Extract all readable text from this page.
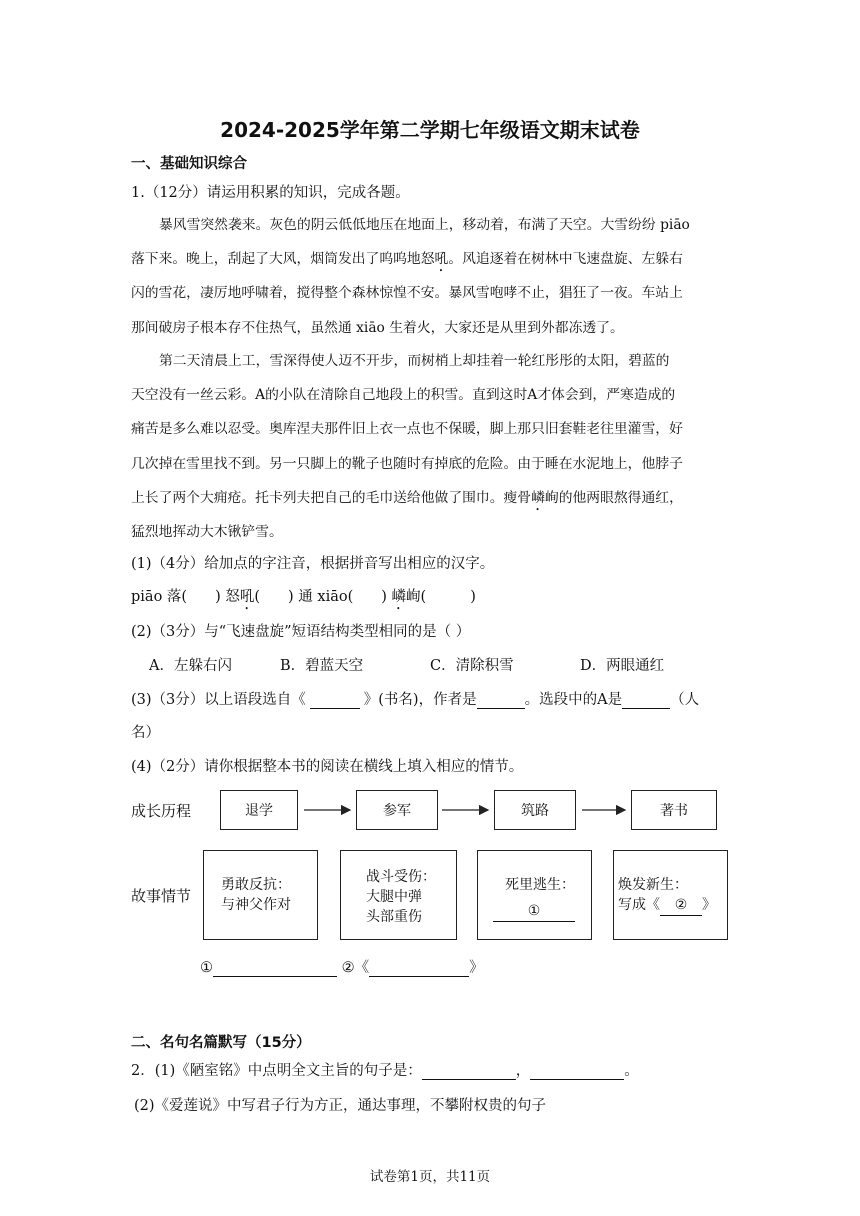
2024-2025学年第二学期七年级语文期末试卷
一、基础知识综合
1.（12分）请运用积累的知识，完成各题。
暴风雪突然袭来。灰色的阴云低低地压在地面上，移动着，布满了天空。大雪纷纷 piāo
落下来。晚上，刮起了大风，烟筒发出了呜呜地怒吼。风追逐着在树林中飞速盘旋、左躲右
闪的雪花，凄厉地呼啸着，搅得整个森林惊惶不安。暴风雪咆哮不止，猖狂了一夜。车站上
那间破房子根本存不住热气，虽然通 xiāo 生着火，大家还是从里到外都冻透了。
第二天清晨上工，雪深得使人迈不开步，而树梢上却挂着一轮红彤彤的太阳，碧蓝的
天空没有一丝云彩。A的小队在清除自己地段上的积雪。直到这时A才体会到，严寒造成的
痛苦是多么难以忍受。奥库涅夫那件旧上衣一点也不保暖，脚上那只旧套鞋老往里灌雪，好
几次掉在雪里找不到。另一只脚上的靴子也随时有掉底的危险。由于睡在水泥地上，他脖子
上长了两个大痈疮。托卡列夫把自己的毛巾送给他做了围巾。瘦骨嶙峋的他两眼熬得通红，
猛烈地挥动大木锹铲雪。
(1)（4分）给加点的字注音，根据拼音写出相应的汉字。
piāo 落( ) 怒吼( ) 通 xiāo( ) 嶙峋(	)
(2)（3分）与“飞速盘旋”短语结构类型相同的是（ ）
A．左躲右闪	B．碧蓝天空	C．清除积雪	D．两眼通红
(3)（3分）以上语段选自《	》(书名)，作者是	。选段中的A是	（人
名）
(4)（2分）请你根据整本书的阅读在横线上填入相应的情节。
成长历程
故事情节
退学	参军	筑路	著书
勇敢反抗：
与神父作对
战斗受伤：
大腿中弹
头部重伤
死里逃生：
①
焕发新生：
写成《 ② 》
①	②《	》
二、名句名篇默写（15分）
2．(1)《陋室铭》中点明全文主旨的句子是：	，	。
(2)《爱莲说》中写君子行为方正，通达事理，不攀附权贵的句子
试卷第1页，共11页
